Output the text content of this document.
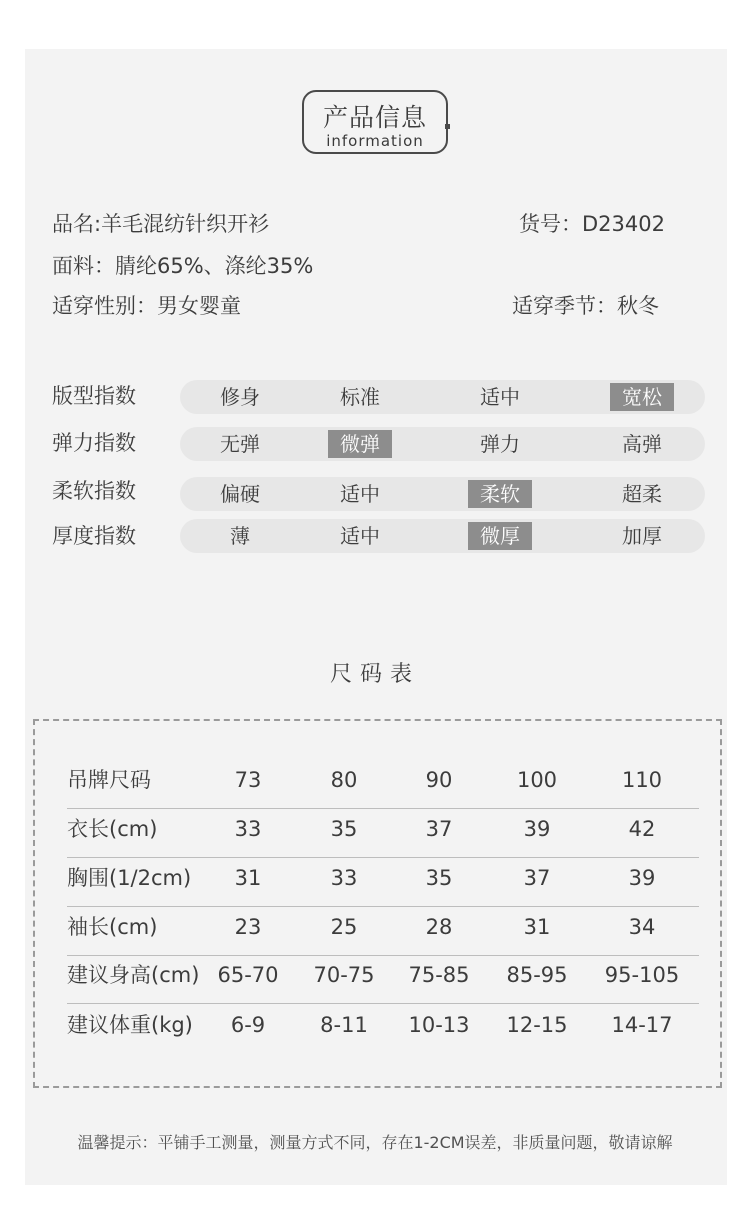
产品信息
information
品名:羊毛混纺针织开衫	货号：D23402
面料：腈纶65%、涤纶35%
适穿性别：男女婴童	适穿季节：秋冬
版型指数	修身	标准	适中	宽松
弹力指数	无弹	微弹	弹力	高弹
柔软指数	偏硬	适中	柔软	超柔
厚度指数	薄	适中	微厚	加厚
尺码表
吊牌尺码	73	80	90	100	110
衣长(cm)	33	35	37	39	42
胸围(1/2cm) 31	33	35	37	39
袖长(cm)	23	25	28	31	34
建议身高(cm) 65-70 70-75 75-85 85-95 95-105
建议体重(kg) 6-9	8-11 10-13 12-15 14-17
温馨提示：平铺手工测量，测量方式不同，存在1-2CM误差，非质量问题，敬请谅解
